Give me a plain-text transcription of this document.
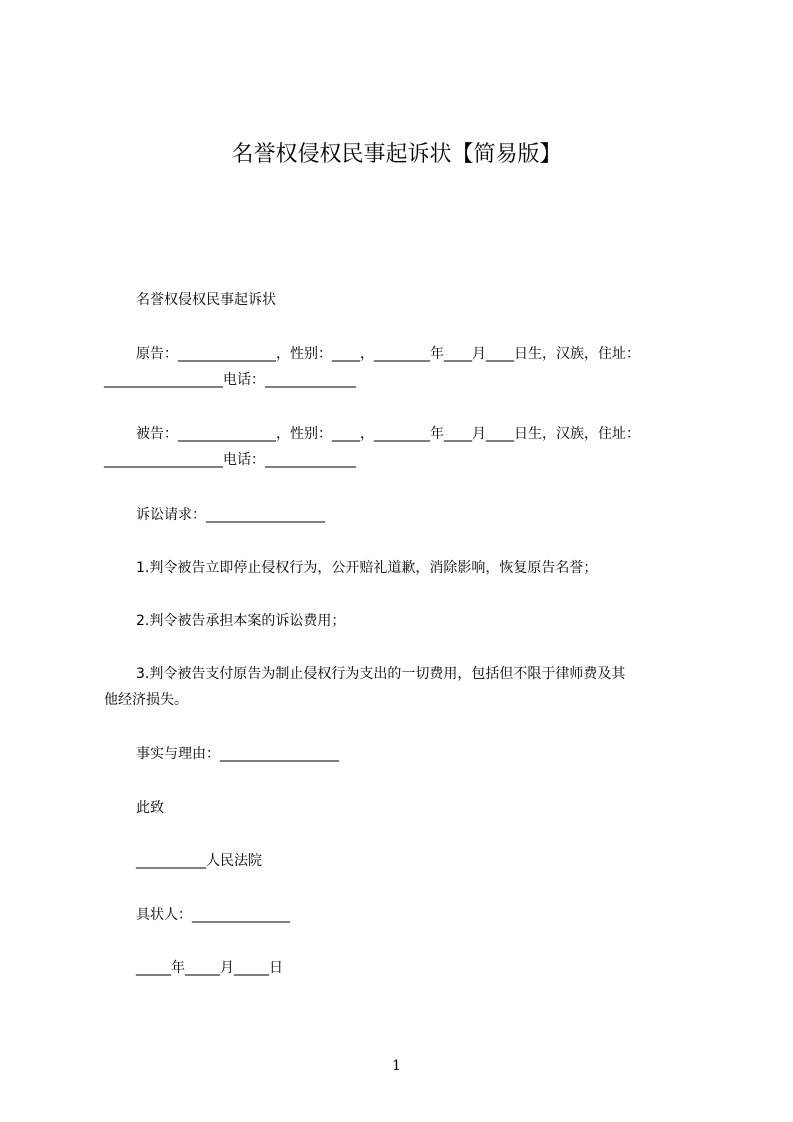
名誉权侵权民事起诉状【简易版】

名誉权侵权民事起诉状

原告：______________，性别：____，________年____月____日生，汉族，住址：
_________________电话：_____________

被告：______________，性别：____，________年____月____日生，汉族，住址：
_________________电话：_____________

诉讼请求：_________________

1.判令被告立即停止侵权行为，公开赔礼道歉，消除影响，恢复原告名誉；

2.判令被告承担本案的诉讼费用；

3.判令被告支付原告为制止侵权行为支出的一切费用，包括但不限于律师费及其
他经济损失。

事实与理由：_________________

此致

__________人民法院

具状人：______________

_____年_____月_____日

1
